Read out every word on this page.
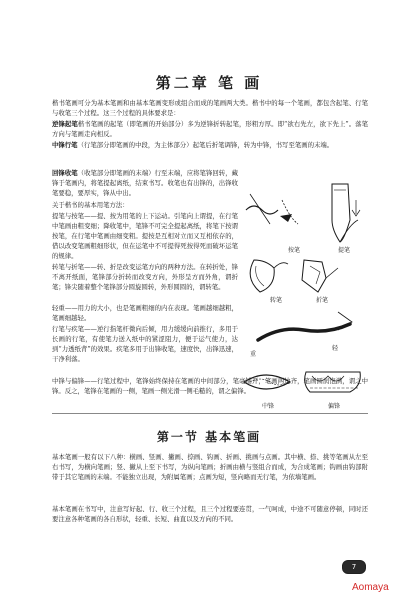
第二章 笔 画

楷书笔画可分为基本笔画和由基本笔画变形或组合而成的笔画两大类。楷书中的每一个笔画，都包含起笔、行笔与收笔三个过程。这三个过程的具体要求是：

逆锋起笔楷书笔画的起笔（即笔画的开始部分）多为逆锋折转起笔，形粗方厚。即“欲右先左，欲下先上”。落笔方向与笔画走向相反。

中锋行笔（行笔部分即笔画的中段，为主体部分）起笔后折笔调锋，转为中锋，书写至笔画的末端。

回锋收笔（收笔部分即笔画的末端）行至末端，应将笔锋回转，藏锋于笔画内，将笔提起离纸，结束书写。收笔也有出锋的，出锋收笔要稳，要厚实，锋从中出。

关于楷书的基本用笔方法：

提笔与按笔——提、按为用笔的上下运动。引笔向上谓提，在行笔中笔画由粗变细；降收笔中，笔锋不可完全提起离纸，将笔下按谓按笔，在行笔中笔画由细变粗。提按是互相对立而又互相依存的，借以改变笔画粗细形状，但在运笔中不可提得死按得死而破坏运笔的规律。

转笔与折笔——转、折是改变运笔方向的两种方法。在转折处，锋不离开纸面，笔锋部分折转而改变方向，外形呈方而外角，谓折笔；锋尖随着整个笔锋部分圆旋圆转，外形圆圆的，谓转笔。

轻重——用力的大小，也是笔画粗细的内在表现。笔画越细越粗，笔画细越轻。

行笔与疾笔——逆行指笔杆微向后倾，用力缓缓向前推行，多用于长画的行笔，有使笔力送入纸中的紧涩阻力，便于运气使力，达到“力透纸背”的效果。疾笔多用于出锋收笔，速度快，出锋迅速，干净利落。

中锋与偏锋——行笔过程中，笔锋始终保持在笔画的中间部分，笔毫铺开，笔画两边齐，笔画圆润饱满，谓之中锋。反之，笔锋在笔画的一侧，笔画一侧光滑一侧毛糙的，谓之偏锋。

按笔	提笔
转笔	折笔
重
轻
中锋	偏锋
第一节 基本笔画

基本笔画一般有以下八种：横画、竖画、撇画、捺画、钩画、折画、挑画与点画。其中横、捺、挑等笔画从左至右书写，为横向笔画；竖、撇从上至下书写，为纵向笔画；折画由横与竖组合而成，为合成笔画；钩画由钩部附带于其它笔画的末端。不能独立出现，为附属笔画；点画为短，竖向略而无行笔，为依墙笔画。

基本笔画在书写中，注意写好起、行、收三个过程，且三个过程要连贯，一气呵成，中途不可随意停顿，同时还要注意各种笔画的各自形状，轻重、长短、曲直以及方向的不同。

7
Aomaya
